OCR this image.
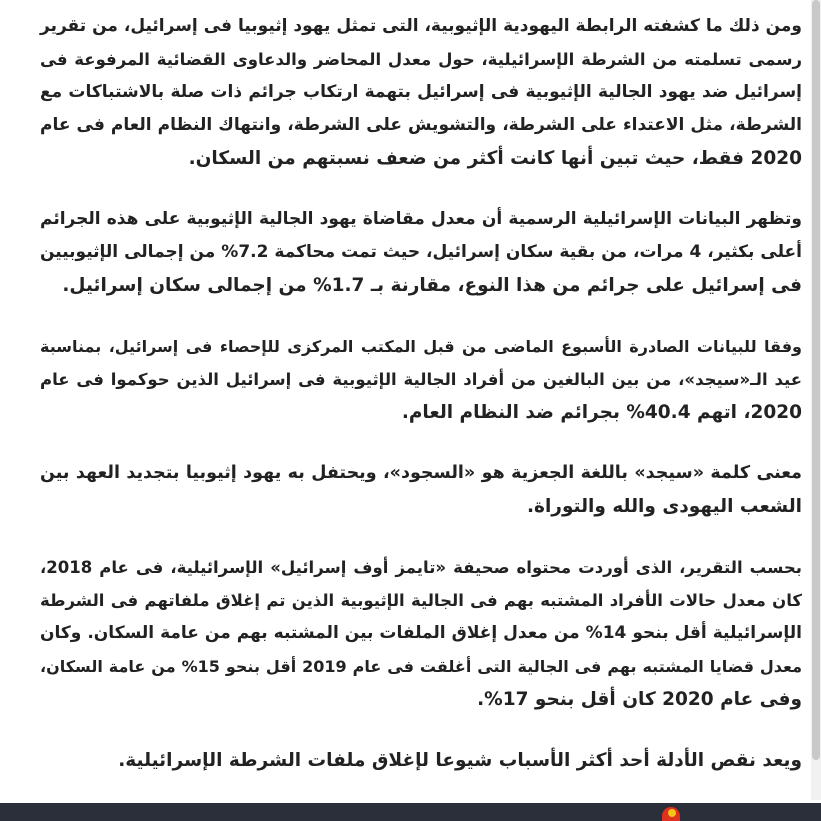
ومن ذلك ما كشفته الرابطة اليهودية الإثيوبية، التى تمثل يهود إثيوبيا فى إسرائيل، من تقرير
رسمى تسلمته من الشرطة الإسرائيلية، حول معدل المحاضر والدعاوى القضائية المرفوعة فى
إسرائيل ضد يهود الجالية الإثيوبية فى إسرائيل بتهمة ارتكاب جرائم ذات صلة بالاشتباكات مع
الشرطة، مثل الاعتداء على الشرطة، والتشويش على الشرطة، وانتهاك النظام العام فى عام
2020 فقط، حيث تبين أنها كانت أكثر من ضعف نسبتهم من السكان.

وتظهر البيانات الإسرائيلية الرسمية أن معدل مقاضاة يهود الجالية الإثيوبية على هذه الجرائم
أعلى بكثير، 4 مرات، من بقية سكان إسرائيل، حيث تمت محاكمة 7.2% من إجمالى الإثيوبيين
فى إسرائيل على جرائم من هذا النوع، مقارنة بـ 1.7% من إجمالى سكان إسرائيل.

وفقا للبيانات الصادرة الأسبوع الماضى من قبل المكتب المركزى للإحصاء فى إسرائيل، بمناسبة
عيد الـ«سيجد»، من بين البالغين من أفراد الجالية الإثيوبية فى إسرائيل الذين حوكموا فى عام
2020، اتهم 40.4% بجرائم ضد النظام العام.

معنى كلمة «سيجد» باللغة الجعزية هو «السجود»، ويحتفل به يهود إثيوبيا بتجديد العهد بين
الشعب اليهودى والله والتوراة.

بحسب التقرير، الذى أوردت محتواه صحيفة «تايمز أوف إسرائيل» الإسرائيلية، فى عام 2018،
كان معدل حالات الأفراد المشتبه بهم فى الجالية الإثيوبية الذين تم إغلاق ملفاتهم فى الشرطة
الإسرائيلية أقل بنحو 14% من معدل إغلاق الملفات بين المشتبه بهم من عامة السكان. وكان
معدل قضايا المشتبه بهم فى الجالية التى أغلقت فى عام 2019 أقل بنحو 15% من عامة السكان،
وفى عام 2020 كان أقل بنحو 17%.

ويعد نقص الأدلة أحد أكثر الأسباب شيوعا لإغلاق ملفات الشرطة الإسرائيلية.
